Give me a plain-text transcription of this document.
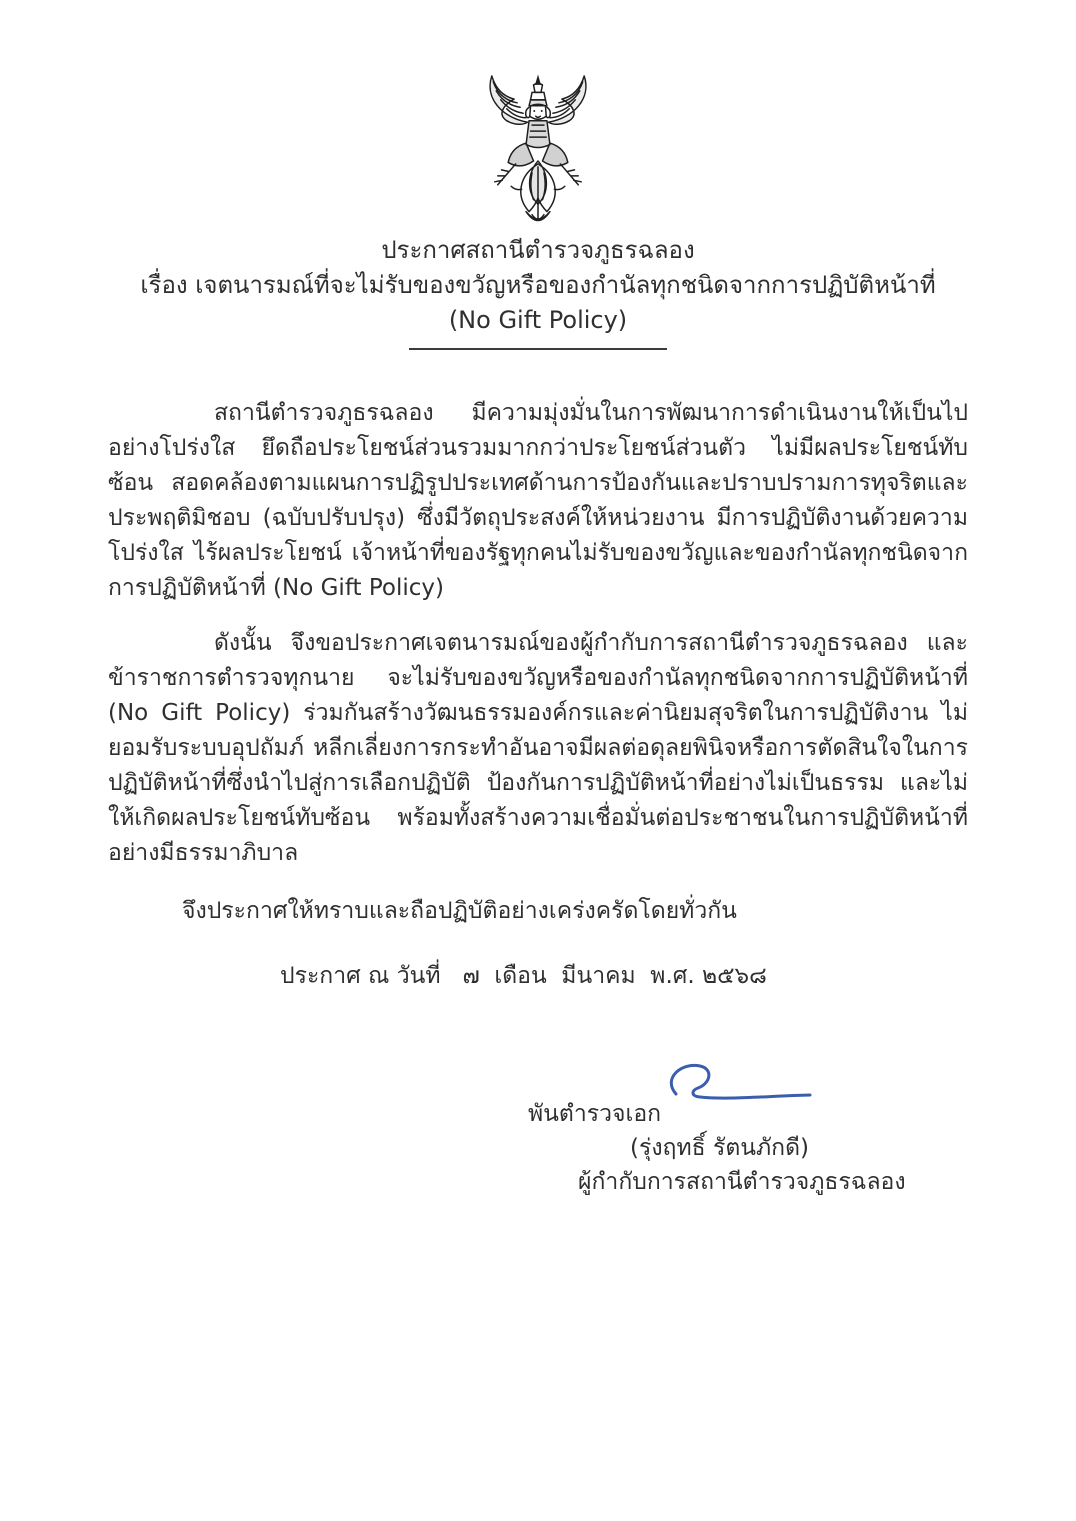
ประกาศสถานีตำรวจภูธรฉลอง
เรื่อง เจตนารมณ์ที่จะไม่รับของขวัญหรือของกำนัลทุกชนิดจากการปฏิบัติหน้าที่
(No Gift Policy)

สถานีตำรวจภูธรฉลอง มีความมุ่งมั่นในการพัฒนาการดำเนินงานให้เป็นไปอย่างโปร่งใส ยึดถือประโยชน์ส่วนรวมมากกว่าประโยชน์ส่วนตัว ไม่มีผลประโยชน์ทับซ้อน สอดคล้องตามแผนการปฏิรูปประเทศด้านการป้องกันและปราบปรามการทุจริตและประพฤติมิชอบ (ฉบับปรับปรุง) ซึ่งมีวัตถุประสงค์ให้หน่วยงาน มีการปฏิบัติงานด้วยความโปร่งใส ไร้ผลประโยชน์ เจ้าหน้าที่ของรัฐทุกคนไม่รับของขวัญและของกำนัลทุกชนิดจากการปฏิบัติหน้าที่ (No Gift Policy)

ดังนั้น จึงขอประกาศเจตนารมณ์ของผู้กำกับการสถานีตำรวจภูธรฉลอง และข้าราชการตำรวจทุกนาย จะไม่รับของขวัญหรือของกำนัลทุกชนิดจากการปฏิบัติหน้าที่ (No Gift Policy) ร่วมกันสร้างวัฒนธรรมองค์กรและค่านิยมสุจริตในการปฏิบัติงาน ไม่ยอมรับระบบอุปถัมภ์ หลีกเลี่ยงการกระทำอันอาจมีผลต่อดุลยพินิจหรือการตัดสินใจในการปฏิบัติหน้าที่ซึ่งนำไปสู่การเลือกปฏิบัติ ป้องกันการปฏิบัติหน้าที่อย่างไม่เป็นธรรม และไม่ให้เกิดผลประโยชน์ทับซ้อน พร้อมทั้งสร้างความเชื่อมั่นต่อประชาชนในการปฏิบัติหน้าที่อย่างมีธรรมาภิบาล

จึงประกาศให้ทราบและถือปฏิบัติอย่างเคร่งครัดโดยทั่วกัน

ประกาศ ณ วันที่   ๗  เดือน  มีนาคม  พ.ศ. ๒๕๖๘

พันตำรวจเอก
(รุ่งฤทธิ์ รัตนภักดี)
ผู้กำกับการสถานีตำรวจภูธรฉลอง
